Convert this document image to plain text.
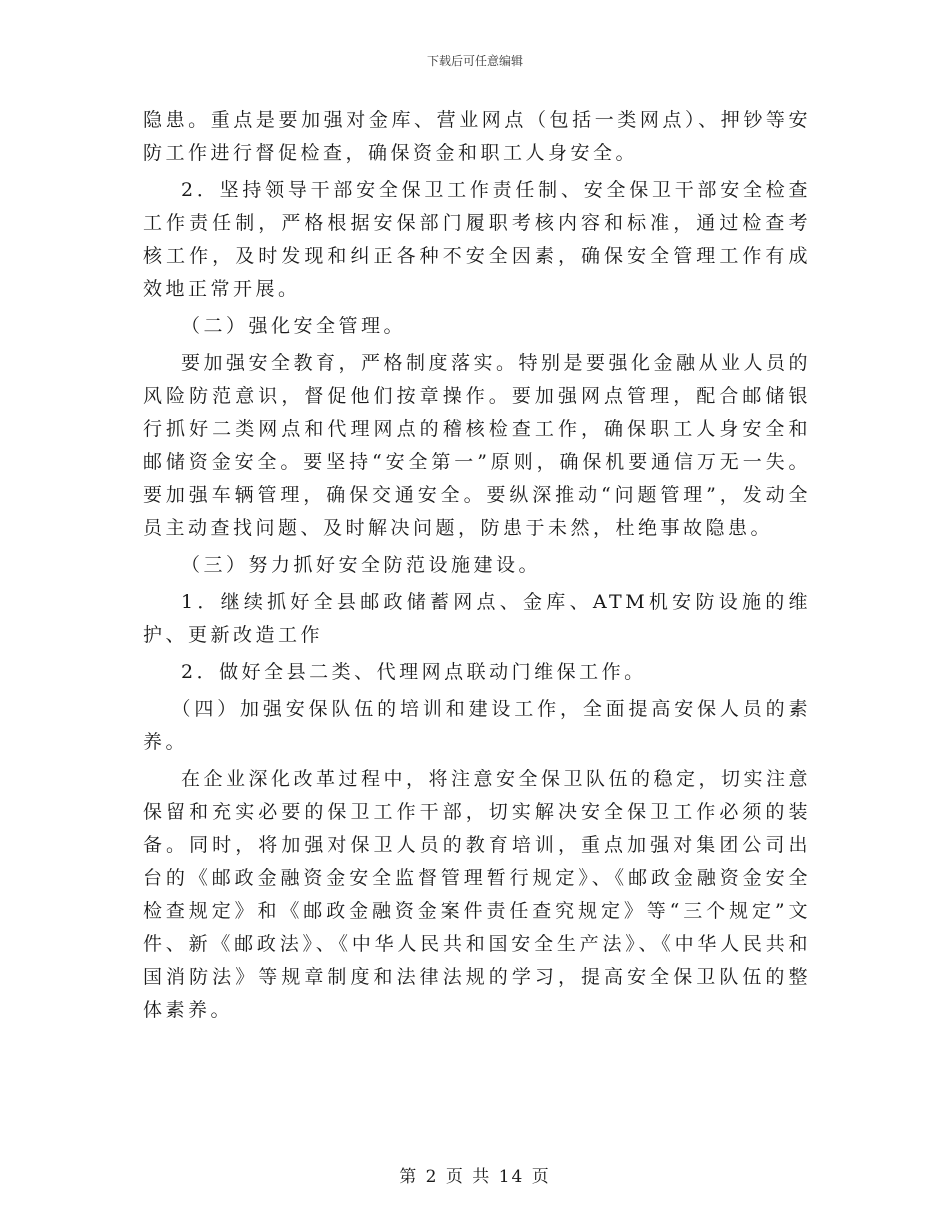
下载后可任意编辑

隐患。重点是要加强对金库、营业网点（包括一类网点）、押钞等安防工作进行督促检查，确保资金和职工人身安全。

2．坚持领导干部安全保卫工作责任制、安全保卫干部安全检查工作责任制，严格根据安保部门履职考核内容和标准，通过检查考核工作，及时发现和纠正各种不安全因素，确保安全管理工作有成效地正常开展。

（二）强化安全管理。

要加强安全教育，严格制度落实。特别是要强化金融从业人员的风险防范意识，督促他们按章操作。要加强网点管理，配合邮储银行抓好二类网点和代理网点的稽核检查工作，确保职工人身安全和邮储资金安全。要坚持“安全第一”原则，确保机要通信万无一失。要加强车辆管理，确保交通安全。要纵深推动“问题管理”，发动全员主动查找问题、及时解决问题，防患于未然，杜绝事故隐患。

（三）努力抓好安全防范设施建设。

1．继续抓好全县邮政储蓄网点、金库、ATM机安防设施的维护、更新改造工作

2．做好全县二类、代理网点联动门维保工作。

（四）加强安保队伍的培训和建设工作，全面提高安保人员的素养。

在企业深化改革过程中，将注意安全保卫队伍的稳定，切实注意保留和充实必要的保卫工作干部，切实解决安全保卫工作必须的装备。同时，将加强对保卫人员的教育培训，重点加强对集团公司出台的《邮政金融资金安全监督管理暂行规定》、《邮政金融资金安全检查规定》和《邮政金融资金案件责任查究规定》等“三个规定”文件、新《邮政法》、《中华人民共和国安全生产法》、《中华人民共和国消防法》等规章制度和法律法规的学习，提高安全保卫队伍的整体素养。

第 2 页 共 14 页
